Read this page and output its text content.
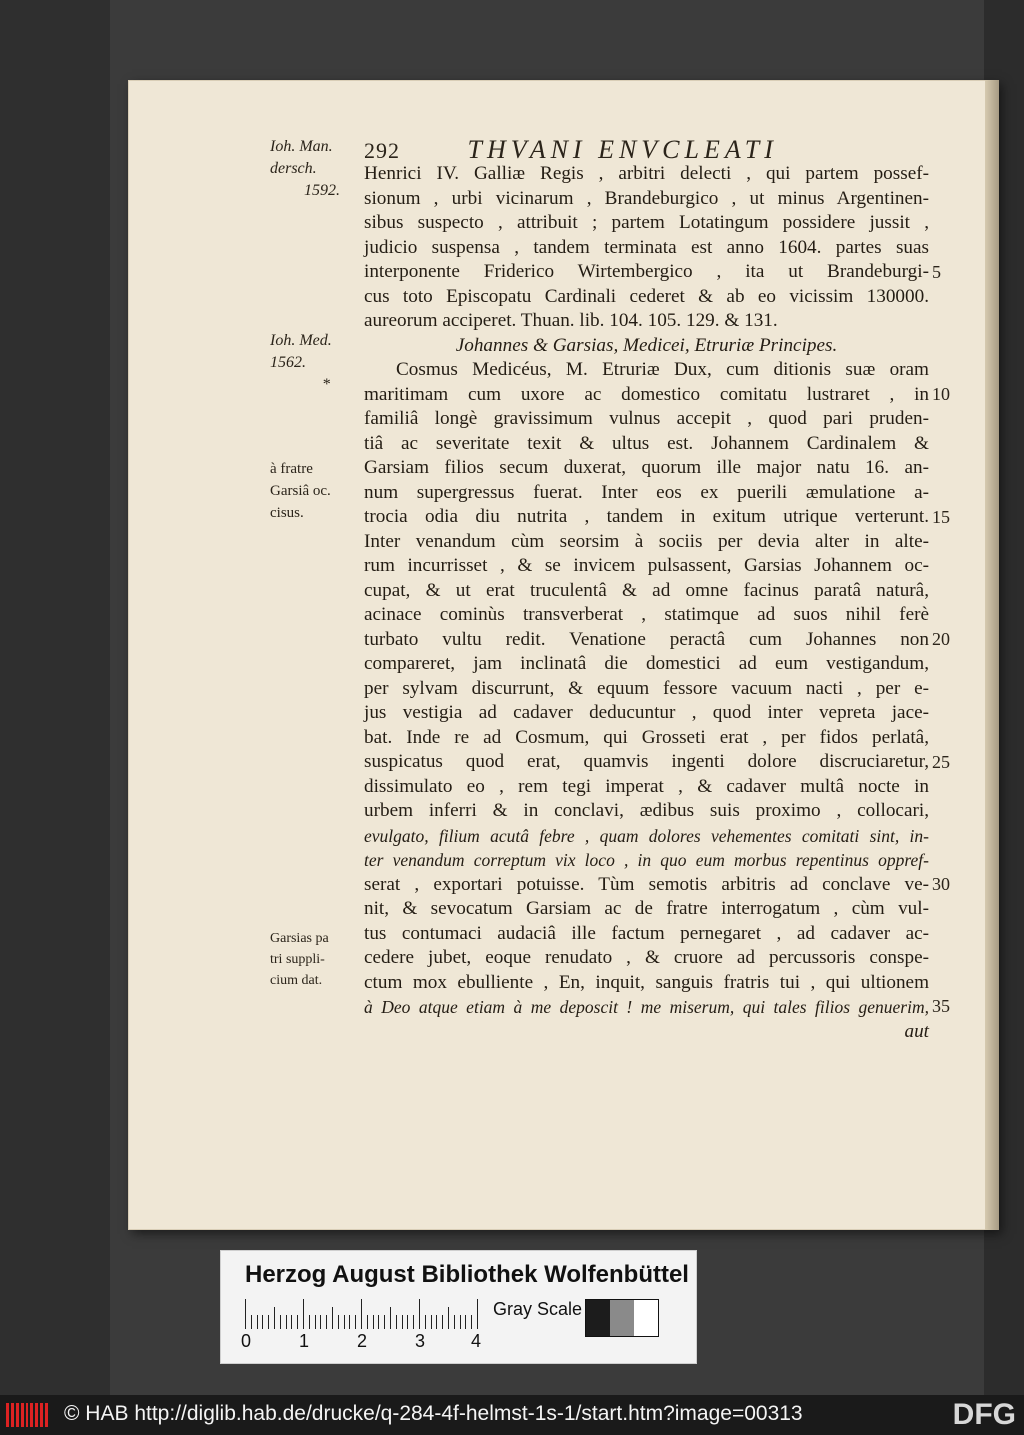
292	THVANI ENVCLEATI
Ioh. Man.
dersch.
1592.
Ioh. Med.
1562.
*
à fratre
Garsiâ oc.
cisus.
Garsias pa
tri suppli-
cium dat.
Henrici IV. Galliæ Regis , arbitri delecti , qui partem possef-
sionum , urbi vicinarum , Brandeburgico , ut minus Argentinen-
sibus suspecto , attribuit ; partem Lotatingum possidere jussit ,
judicio suspensa , tandem terminata est anno 1604. partes suas
interponente Friderico Wirtembergico , ita ut Brandeburgi-
cus toto Episcopatu Cardinali cederet & ab eo vicissim 130000.
aureorum acciperet. Thuan. lib. 104. 105. 129. & 131.
Johannes & Garsias, Medicei, Etruriæ Principes.
Cosmus Medicéus, M. Etruriæ Dux, cum ditionis suæ oram
maritimam cum uxore ac domestico comitatu lustraret , in
familiâ longè gravissimum vulnus accepit , quod pari pruden-
tiâ ac severitate texit & ultus est. Johannem Cardinalem &
Garsiam filios secum duxerat, quorum ille major natu 16. an-
num supergressus fuerat. Inter eos ex puerili æmulatione a-
trocia odia diu nutrita , tandem in exitum utrique verterunt.
Inter venandum cùm seorsim à sociis per devia alter in alte-
rum incurrisset , & se invicem pulsassent, Garsias Johannem oc-
cupat, & ut erat truculentâ & ad omne facinus paratâ naturâ,
acinace cominùs transverberat , statimque ad suos nihil ferè
turbato vultu redit. Venatione peractâ cum Johannes non
compareret, jam inclinatâ die domestici ad eum vestigandum,
per sylvam discurrunt, & equum fessore vacuum nacti , per e-
jus vestigia ad cadaver deducuntur , quod inter vepreta jace-
bat. Inde re ad Cosmum, qui Grosseti erat , per fidos perlatâ,
suspicatus quod erat, quamvis ingenti dolore discruciaretur,
dissimulato eo , rem tegi imperat , & cadaver multâ nocte in
urbem inferri & in conclavi, ædibus suis proximo , collocari,
evulgato, filium acutâ febre , quam dolores vehementes comitati sint, in-
ter venandum correptum vix loco , in quo eum morbus repentinus oppref-
serat , exportari potuisse. Tùm semotis arbitris ad conclave ve-
nit, & sevocatum Garsiam ac de fratre interrogatum , cùm vul-
tus contumaci audaciâ ille factum pernegaret , ad cadaver ac-
cedere jubet, eoque renudato , & cruore ad percussoris conspe-
ctum mox ebulliente , En, inquit, sanguis fratris tui , qui ultionem
à Deo atque etiam à me deposcit ! me miserum, qui tales filios genuerim,
aut
5
10
15
20
25
30
35
Herzog August Bibliothek Wolfenbüttel
0	1	2	3	4
Gray Scale
© HAB http://diglib.hab.de/drucke/q-284-4f-helmst-1s-1/start.htm?image=00313	DFG
